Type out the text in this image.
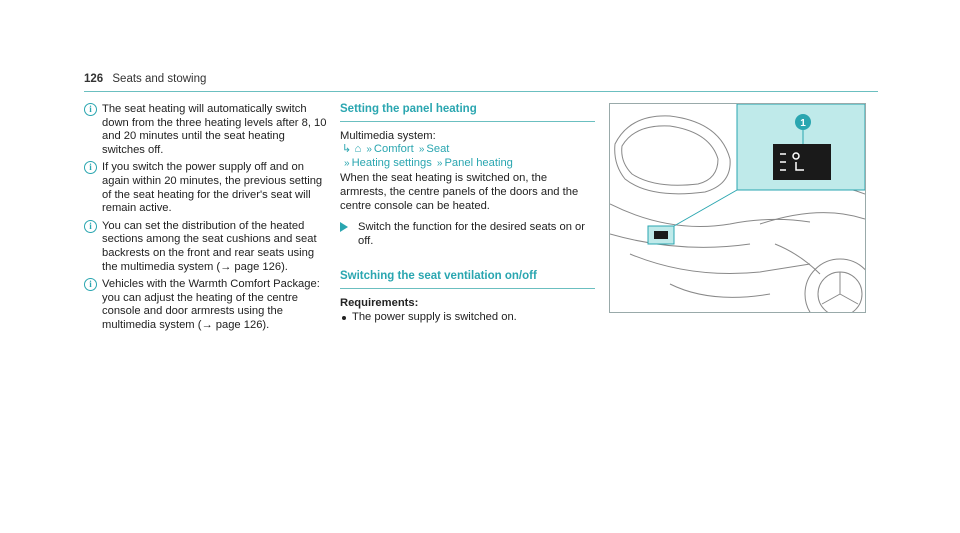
126 Seats and stowing
i The seat heating will automatically switch down from the three heating levels after 8, 10 and 20 minutes until the seat heating switches off.
i If you switch the power supply off and on again within 20 minutes, the previous setting of the seat heating for the driver's seat will remain active.
i You can set the distribution of the heated sections among the seat cushions and seat backrests on the front and rear seats using the multimedia system (→ page 126).
i Vehicles with the Warmth Comfort Package: you can adjust the heating of the centre console and door armrests using the multimedia system (→ page 126).
Setting the panel heating
Multimedia system:
↳ ⌂ » Comfort » Seat
» Heating settings » Panel heating
When the seat heating is switched on, the armrests, the centre panels of the doors and the centre console can be heated.
Switch the function for the desired seats on or off.
Switching the seat ventilation on/off
Requirements:
The power supply is switched on.
1
